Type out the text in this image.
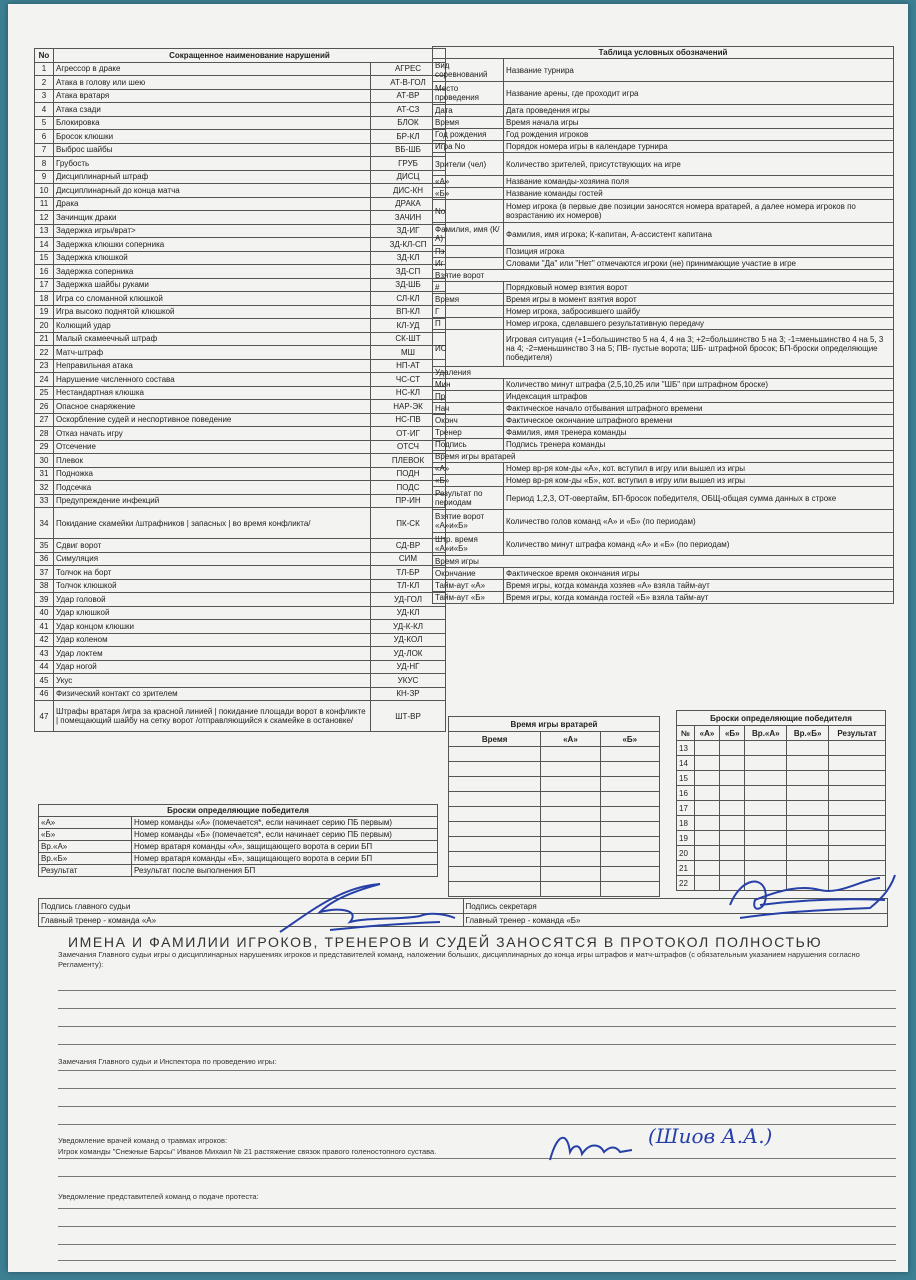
No	Сокращенное наименование нарушений	
1	Агрессор в драке	АГРЕС
2	Атака в голову или шею	АТ-В-ГОЛ
3	Атака вратаря	АТ-ВР
4	Атака сзади	АТ-СЗ
5	Блокировка	БЛОК
6	Бросок клюшки	БР-КЛ
7	Выброс шайбы	ВБ-ШБ
8	Грубость	ГРУБ
9	Дисциплинарный штраф	ДИСЦ
10	Дисциплинарный до конца матча	ДИС-КН
11	Драка	ДРАКА
12	Зачинщик драки	ЗАЧИН
13	Задержка игры/врат>	ЗД-ИГ
14	Задержка клюшки соперника	ЗД-КЛ-СП
15	Задержка клюшкой	ЗД-КЛ
16	Задержка соперника	ЗД-СП
17	Задержка шайбы руками	ЗД-ШБ
18	Игра со сломанной клюшкой	СЛ-КЛ
19	Игра высоко поднятой клюшкой	ВП-КЛ
20	Колющий удар	КЛ-УД
21	Малый скамеечный штраф	СК-ШТ
22	Матч-штраф	МШ
23	Неправильная атака	НП-АТ
24	Нарушение численного состава	ЧС-СТ
25	Нестандартная клюшка	НС-КЛ
26	Опасное снаряжение	НАР-ЭК
27	Оскорбление судей и неспортивное поведение	НС-ПВ
28	Отказ начать игру	ОТ-ИГ
29	Отсечение	ОТСЧ
30	Плевок	ПЛЕВОК
31	Подножка	ПОДН
32	Подсечка	ПОДС
33	Предупреждение инфекций	ПР-ИН
34	Покидание скамейки /штрафников | запасных | во время конфликта/	ПК-СК
35	Сдвиг ворот	СД-ВР
36	Симуляция	СИМ
37	Толчок на борт	ТЛ-БР
38	Толчок клюшкой	ТЛ-КЛ
39	Удар головой	УД-ГОЛ
40	Удар клюшкой	УД-КЛ
41	Удар концом клюшки	УД-К-КЛ
42	Удар коленом	УД-КОЛ
43	Удар локтем	УД-ЛОК
44	Удар ногой	УД-НГ
45	Укус	УКУС
46	Физический контакт со зрителем	КН-ЗР
47	Штрафы вратаря /игра за красной линией | покидание площади ворот в конфликте | помещающий шайбу на сетку ворот /отправляющийся к скамейке в остановке/	ШТ-ВР
Таблица условных обозначений	
Вид соревнований	Название турнира
Место проведения	Название арены, где проходит игра
Дата	Дата проведения игры
Время	Время начала игры
Год рождения	Год рождения игроков
Игра No	Порядок номера игры в календаре турнира
Зрители (чел)	Количество зрителей, присутствующих на игре
«А»	Название команды-хозяина поля
«Б»	Название команды гостей
No	Номер игрока (в первые две позиции заносятся номера вратарей, а далее номера игроков по возрастанию их номеров)
Фамилия, имя (К/А)	Фамилия, имя игрока; К-капитан, А-ассистент капитана
Пз	Позиция игрока
Иг	Словами "Да" или "Нет" отмечаются игроки (не) принимающие участие в игре
Взятие ворот	
#	Порядковый номер взятия ворот
Время	Время игры в момент взятия ворот
Г	Номер игрока, забросившего шайбу
П	Номер игрока, сделавшего результативную передачу
ИС	Игровая ситуация (+1=большинство 5 на 4, 4 на 3; +2=большинство 5 на 3; -1=меньшинство 4 на 5, 3 на 4; -2=меньшинство 3 на 5; ПВ- пустые ворота; ШБ- штрафной бросок; БП-броски определяющие победителя)
Удаления	
Мин	Количество минут штрафа (2,5,10,25 или "ШБ" при штрафном броске)
Пр	Индексация штрафов
Нач	Фактическое начало отбывания штрафного времени
Оконч	Фактическое окончание штрафного времени
Тренер	Фамилия, имя тренера команды
Подпись	Подпись тренера команды
Время игры вратарей	
«А»	Номер вр-ря ком-ды «А», кот. вступил в игру или вышел из игры
«Б»	Номер вр-ря ком-ды «Б», кот. вступил в игру или вышел из игры
Результат по периодам	Период 1,2,3, ОТ-овертайм, БП-бросок победителя, ОБЩ-общая сумма данных в строке
Взятие ворот «А»и«Б»	Количество голов команд «А» и «Б» (по периодам)
Штр. время «А»и«Б»	Количество минут штрафа команд «А» и «Б» (по периодам)
Время игры	
Окончание	Фактическое время окончания игры
Тайм-аут «А»	Время игры, когда команда хозяев «А» взяла тайм-аут
Тайм-аут «Б»	Время игры, когда команда гостей «Б» взяла тайм-аут
Время игры вратарей		
Время	«А»	«Б»

Броски определяющие победителя					
№	«А»	«Б»	Вр.«А»	Вр.«Б»	Результат
13					
14					
15					
16					
17					
18					
19					
20					
21					
22					
Броски определяющие победителя	
«А»	Номер команды «А» (помечается*, если начинает серию ПБ первым)
«Б»	Номер команды «Б» (помечается*, если начинает серию ПБ первым)
Вр.«А»	Номер вратаря команды «А», защищающего ворота в серии БП
Вр.«Б»	Номер вратаря команды «Б», защищающего ворота в серии БП
Результат	Результат после выполнения БП
Подпись главного судьи	Подпись секретаря
Главный тренер - команда «А»	Главный тренер - команда «Б»
ИМЕНА И ФАМИЛИИ ИГРОКОВ, ТРЕНЕРОВ И СУДЕЙ ЗАНОСЯТСЯ В ПРОТОКОЛ ПОЛНОСТЬЮ
Замечания Главного судьи игры о дисциплинарных нарушениях игроков и представителей команд, наложении больших, дисциплинарных до конца игры штрафов и матч-штрафов (с обязательным указанием нарушения согласно Регламенту):
Замечания Главного судьи и Инспектора по проведению игры:
Уведомление врачей команд о травмах игроков:
Игрок команды "Снежные Барсы" Иванов Михаил № 21 растяжение связок правого голеностопного сустава.
Уведомление представителей команд о подаче протеста:
(Шиов А.А.)
